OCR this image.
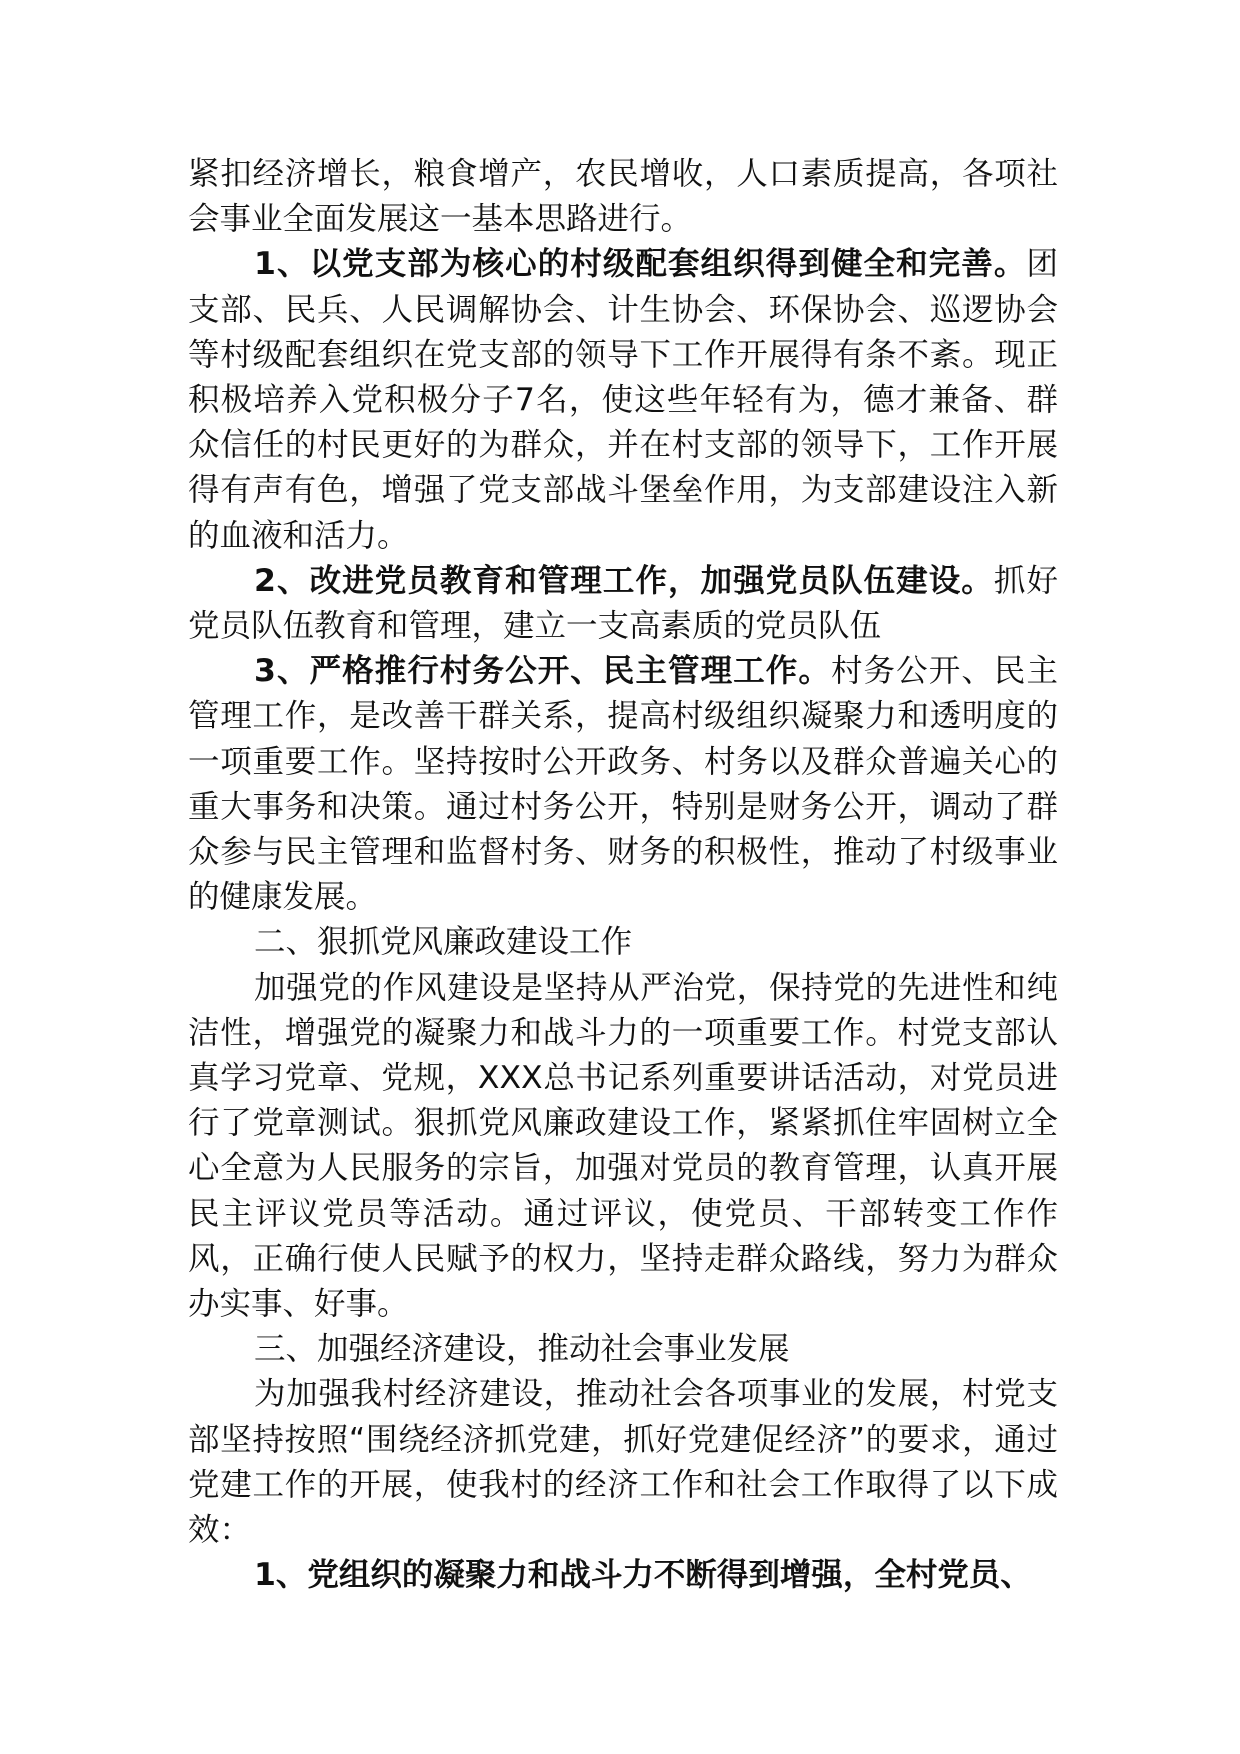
紧扣经济增长，粮食增产，农民增收，人口素质提高，各项社会事业全面发展这一基本思路进行。

1、以党支部为核心的村级配套组织得到健全和完善。团支部、民兵、人民调解协会、计生协会、环保协会、巡逻协会等村级配套组织在党支部的领导下工作开展得有条不紊。现正积极培养入党积极分子7名，使这些年轻有为，德才兼备、群众信任的村民更好的为群众，并在村支部的领导下，工作开展得有声有色，增强了党支部战斗堡垒作用，为支部建设注入新的血液和活力。

2、改进党员教育和管理工作，加强党员队伍建设。抓好党员队伍教育和管理，建立一支高素质的党员队伍

3、严格推行村务公开、民主管理工作。村务公开、民主管理工作，是改善干群关系，提高村级组织凝聚力和透明度的一项重要工作。坚持按时公开政务、村务以及群众普遍关心的重大事务和决策。通过村务公开，特别是财务公开，调动了群众参与民主管理和监督村务、财务的积极性，推动了村级事业的健康发展。

二、狠抓党风廉政建设工作

加强党的作风建设是坚持从严治党，保持党的先进性和纯洁性，增强党的凝聚力和战斗力的一项重要工作。村党支部认真学习党章、党规，XXX总书记系列重要讲话活动，对党员进行了党章测试。狠抓党风廉政建设工作，紧紧抓住牢固树立全心全意为人民服务的宗旨，加强对党员的教育管理，认真开展民主评议党员等活动。通过评议，使党员、干部转变工作作风，正确行使人民赋予的权力，坚持走群众路线，努力为群众办实事、好事。

三、加强经济建设，推动社会事业发展

为加强我村经济建设，推动社会各项事业的发展，村党支部坚持按照“围绕经济抓党建，抓好党建促经济”的要求，通过党建工作的开展，使我村的经济工作和社会工作取得了以下成效：

1、党组织的凝聚力和战斗力不断得到增强，全村党员、
